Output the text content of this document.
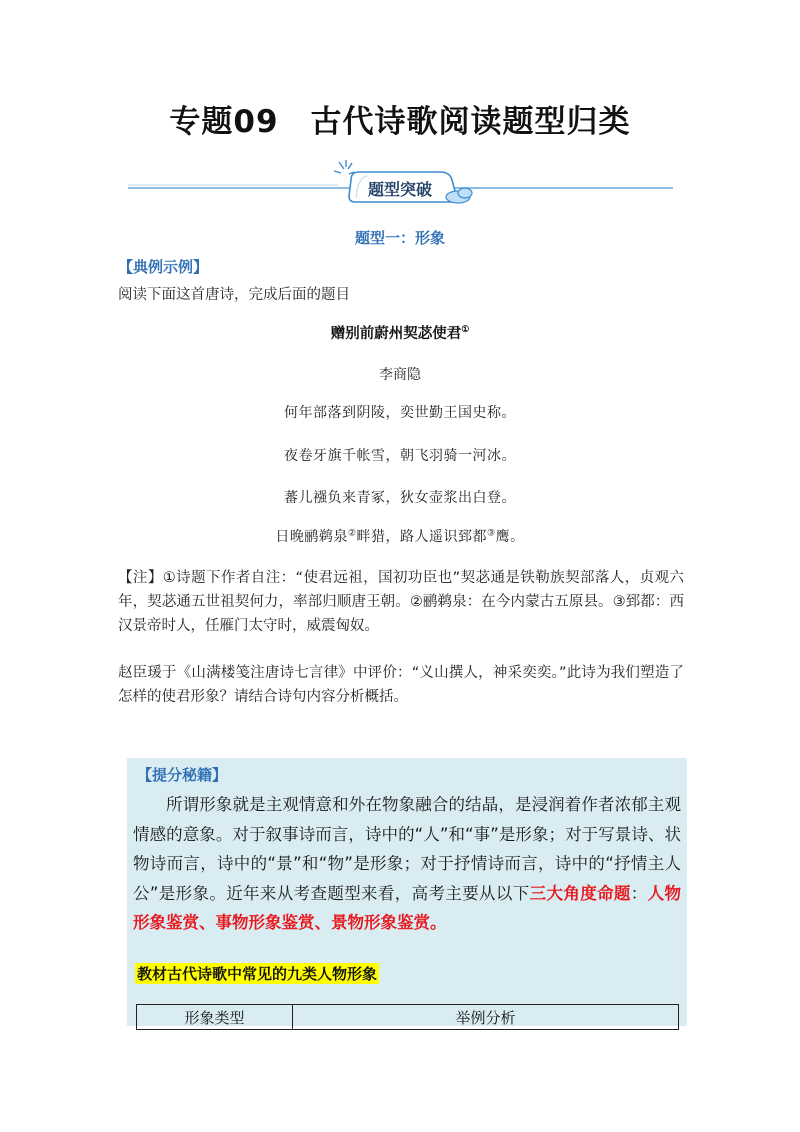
专题09　古代诗歌阅读题型归类
题型突破
题型一：形象
【典例示例】
阅读下面这首唐诗，完成后面的题目
赠别前蔚州契苾使君①
李商隐
何年部落到阴陵，奕世勤王国史称。
夜卷牙旗千帐雪，朝飞羽骑一河冰。
蕃儿襁负来青冢，狄女壶浆出白登。
日晚鹂鹈泉②畔猎，路人遥识郅都③鹰。
【注】①诗题下作者自注：“使君远祖，国初功臣也”契苾通是铁勒族契部落人，贞观六年，契苾通五世祖契何力，率部归顺唐王朝。②鹂鹈泉：在今内蒙古五原县。③郅都：西汉景帝时人，任雁门太守时，威震匈奴。
赵臣瑗于《山满楼笺注唐诗七言律》中评价：“义山撰人，神采奕奕。”此诗为我们塑造了怎样的使君形象？请结合诗句内容分析概括。
【提分秘籍】
所谓形象就是主观情意和外在物象融合的结晶，是浸润着作者浓郁主观情感的意象。对于叙事诗而言，诗中的“人”和“事”是形象；对于写景诗、状物诗而言，诗中的“景”和“物”是形象；对于抒情诗而言，诗中的“抒情主人公”是形象。近年来从考查题型来看，高考主要从以下三大角度命题：人物形象鉴赏、事物形象鉴赏、景物形象鉴赏。
教材古代诗歌中常见的九类人物形象
形象类型	举例分析
